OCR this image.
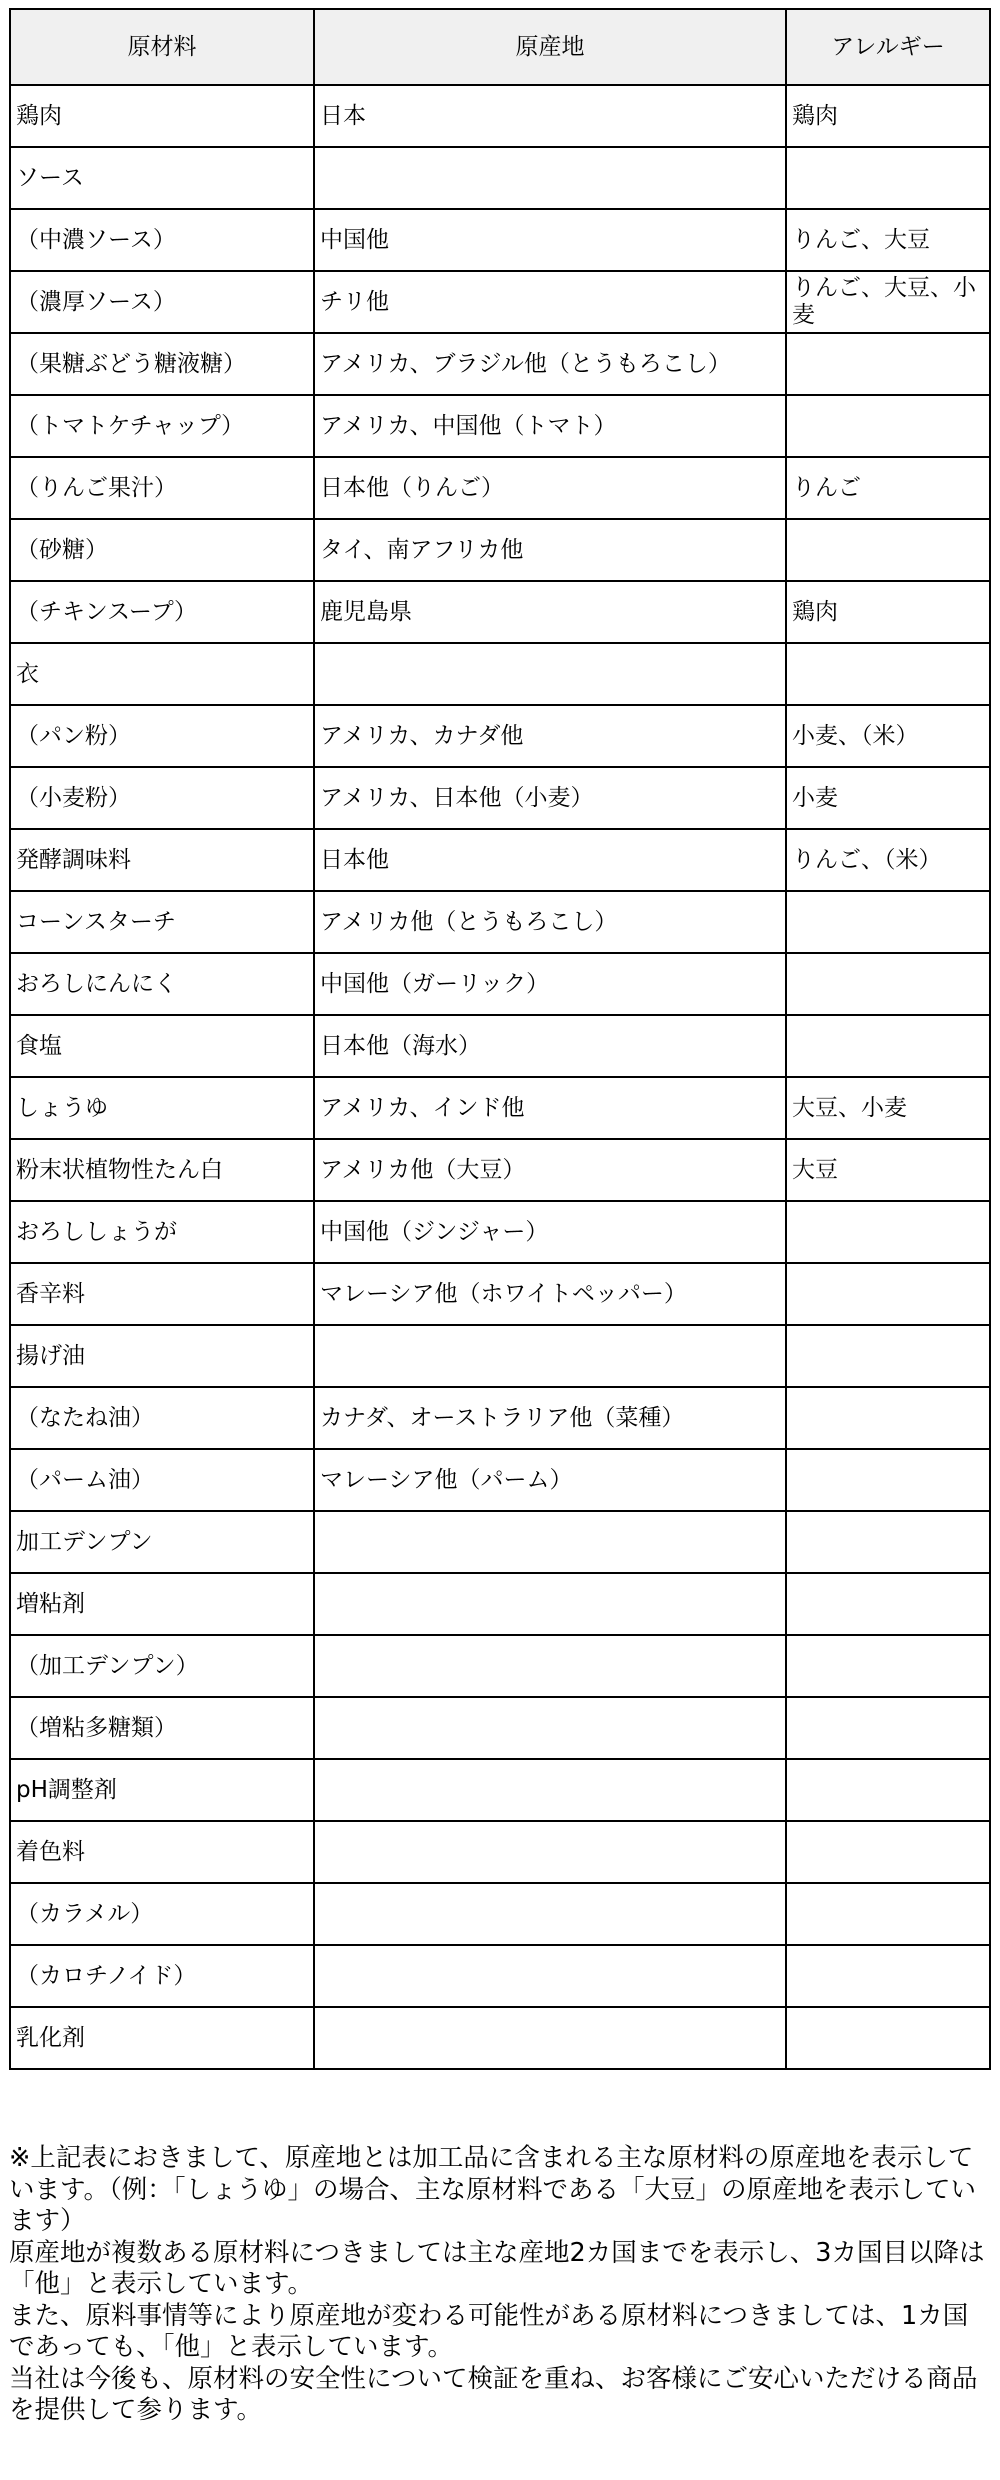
原材料	原産地	アレルギー
鶏肉	日本	鶏肉
ソース		
（中濃ソース）	中国他	りんご、大豆
（濃厚ソース）	チリ他	りんご、大豆、小麦
（果糖ぶどう糖液糖）	アメリカ、ブラジル他（とうもろこし）	
（トマトケチャップ）	アメリカ、中国他（トマト）	
（りんご果汁）	日本他（りんご）	りんご
（砂糖）	タイ、南アフリカ他	
（チキンスープ）	鹿児島県	鶏肉
衣		
（パン粉）	アメリカ、カナダ他	小麦、（米）
（小麦粉）	アメリカ、日本他（小麦）	小麦
発酵調味料	日本他	りんご、（米）
コーンスターチ	アメリカ他（とうもろこし）	
おろしにんにく	中国他（ガーリック）	
食塩	日本他（海水）	
しょうゆ	アメリカ、インド他	大豆、小麦
粉末状植物性たん白	アメリカ他（大豆）	大豆
おろししょうが	中国他（ジンジャー）	
香辛料	マレーシア他（ホワイトペッパー）	
揚げ油		
（なたね油）	カナダ、オーストラリア他（菜種）	
（パーム油）	マレーシア他（パーム）	
加工デンプン		
増粘剤		
（加工デンプン）		
（増粘多糖類）		
pH調整剤		
着色料		
（カラメル）		
（カロチノイド）		
乳化剤		

※上記表におきまして、原産地とは加工品に含まれる主な原材料の原産地を表示しています。（例：「しょうゆ」の場合、主な原材料である「大豆」の原産地を表示しています）

原産地が複数ある原材料につきましては主な産地2カ国までを表示し、3カ国目以降は「他」と表示しています。

また、原料事情等により原産地が変わる可能性がある原材料につきましては、1カ国であっても、「他」と表示しています。

当社は今後も、原材料の安全性について検証を重ね、お客様にご安心いただける商品を提供して参ります。
